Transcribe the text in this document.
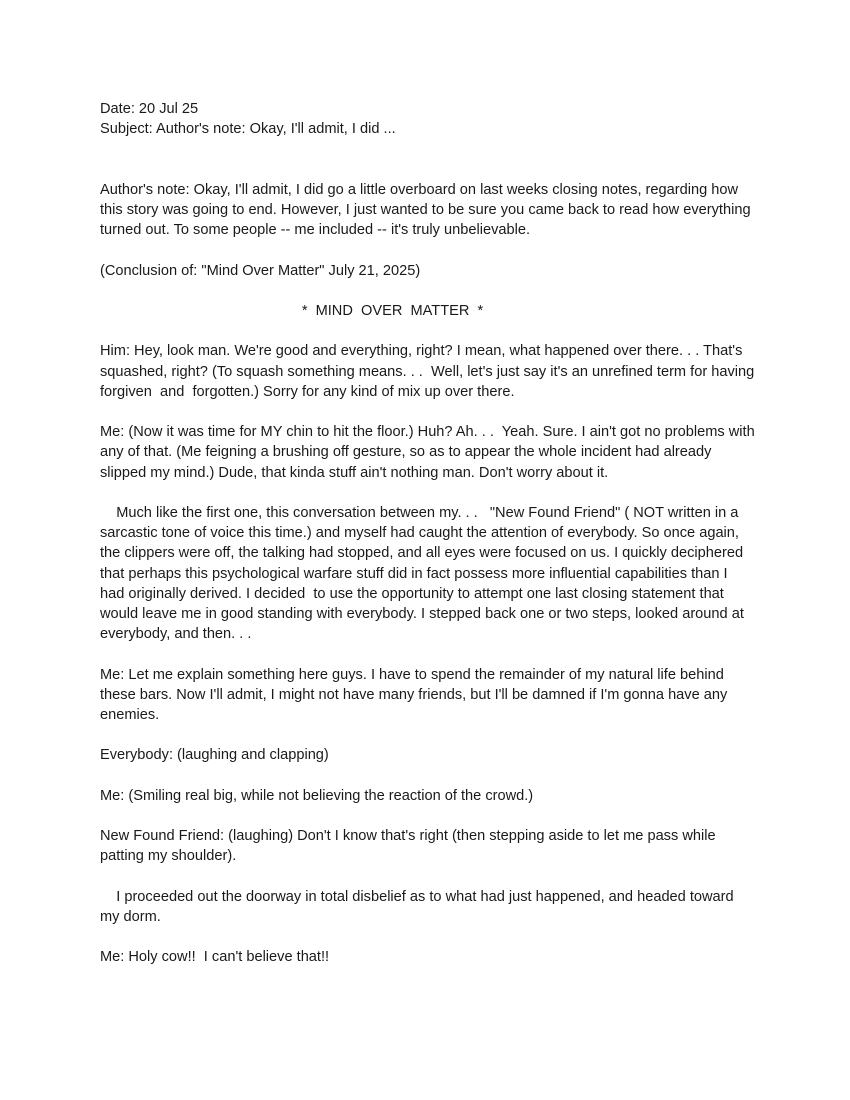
Date: 20 Jul 25

Subject: Author's note: Okay, I'll admit, I did ...

Author's note: Okay, I'll admit, I did go a little overboard on last weeks closing notes, regarding how this story was going to end. However, I just wanted to be sure you came back to read how everything turned out. To some people -- me included -- it's truly unbelievable.

(Conclusion of: "Mind Over Matter" July 21, 2025)

*  MIND  OVER  MATTER  *

Him: Hey, look man. We're good and everything, right? I mean, what happened over there. . . That's squashed, right? (To squash something means. . .  Well, let's just say it's an unrefined term for having forgiven  and  forgotten.) Sorry for any kind of mix up over there.

Me: (Now it was time for MY chin to hit the floor.) Huh? Ah. . .  Yeah. Sure. I ain't got no problems with any of that. (Me feigning a brushing off gesture, so as to appear the whole incident had already slipped my mind.) Dude, that kinda stuff ain't nothing man. Don't worry about it.

Much like the first one, this conversation between my. . .   "New Found Friend" ( NOT written in a sarcastic tone of voice this time.) and myself had caught the attention of everybody. So once again, the clippers were off, the talking had stopped, and all eyes were focused on us. I quickly deciphered that perhaps this psychological warfare stuff did in fact possess more influential capabilities than I had originally derived. I decided  to use the opportunity to attempt one last closing statement that would leave me in good standing with everybody. I stepped back one or two steps, looked around at everybody, and then. . .

Me: Let me explain something here guys. I have to spend the remainder of my natural life behind these bars. Now I'll admit, I might not have many friends, but I'll be damned if I'm gonna have any enemies.

Everybody: (laughing and clapping)

Me: (Smiling real big, while not believing the reaction of the crowd.)

New Found Friend: (laughing) Don't I know that's right (then stepping aside to let me pass while patting my shoulder).

I proceeded out the doorway in total disbelief as to what had just happened, and headed toward my dorm.

Me: Holy cow!!  I can't believe that!!
